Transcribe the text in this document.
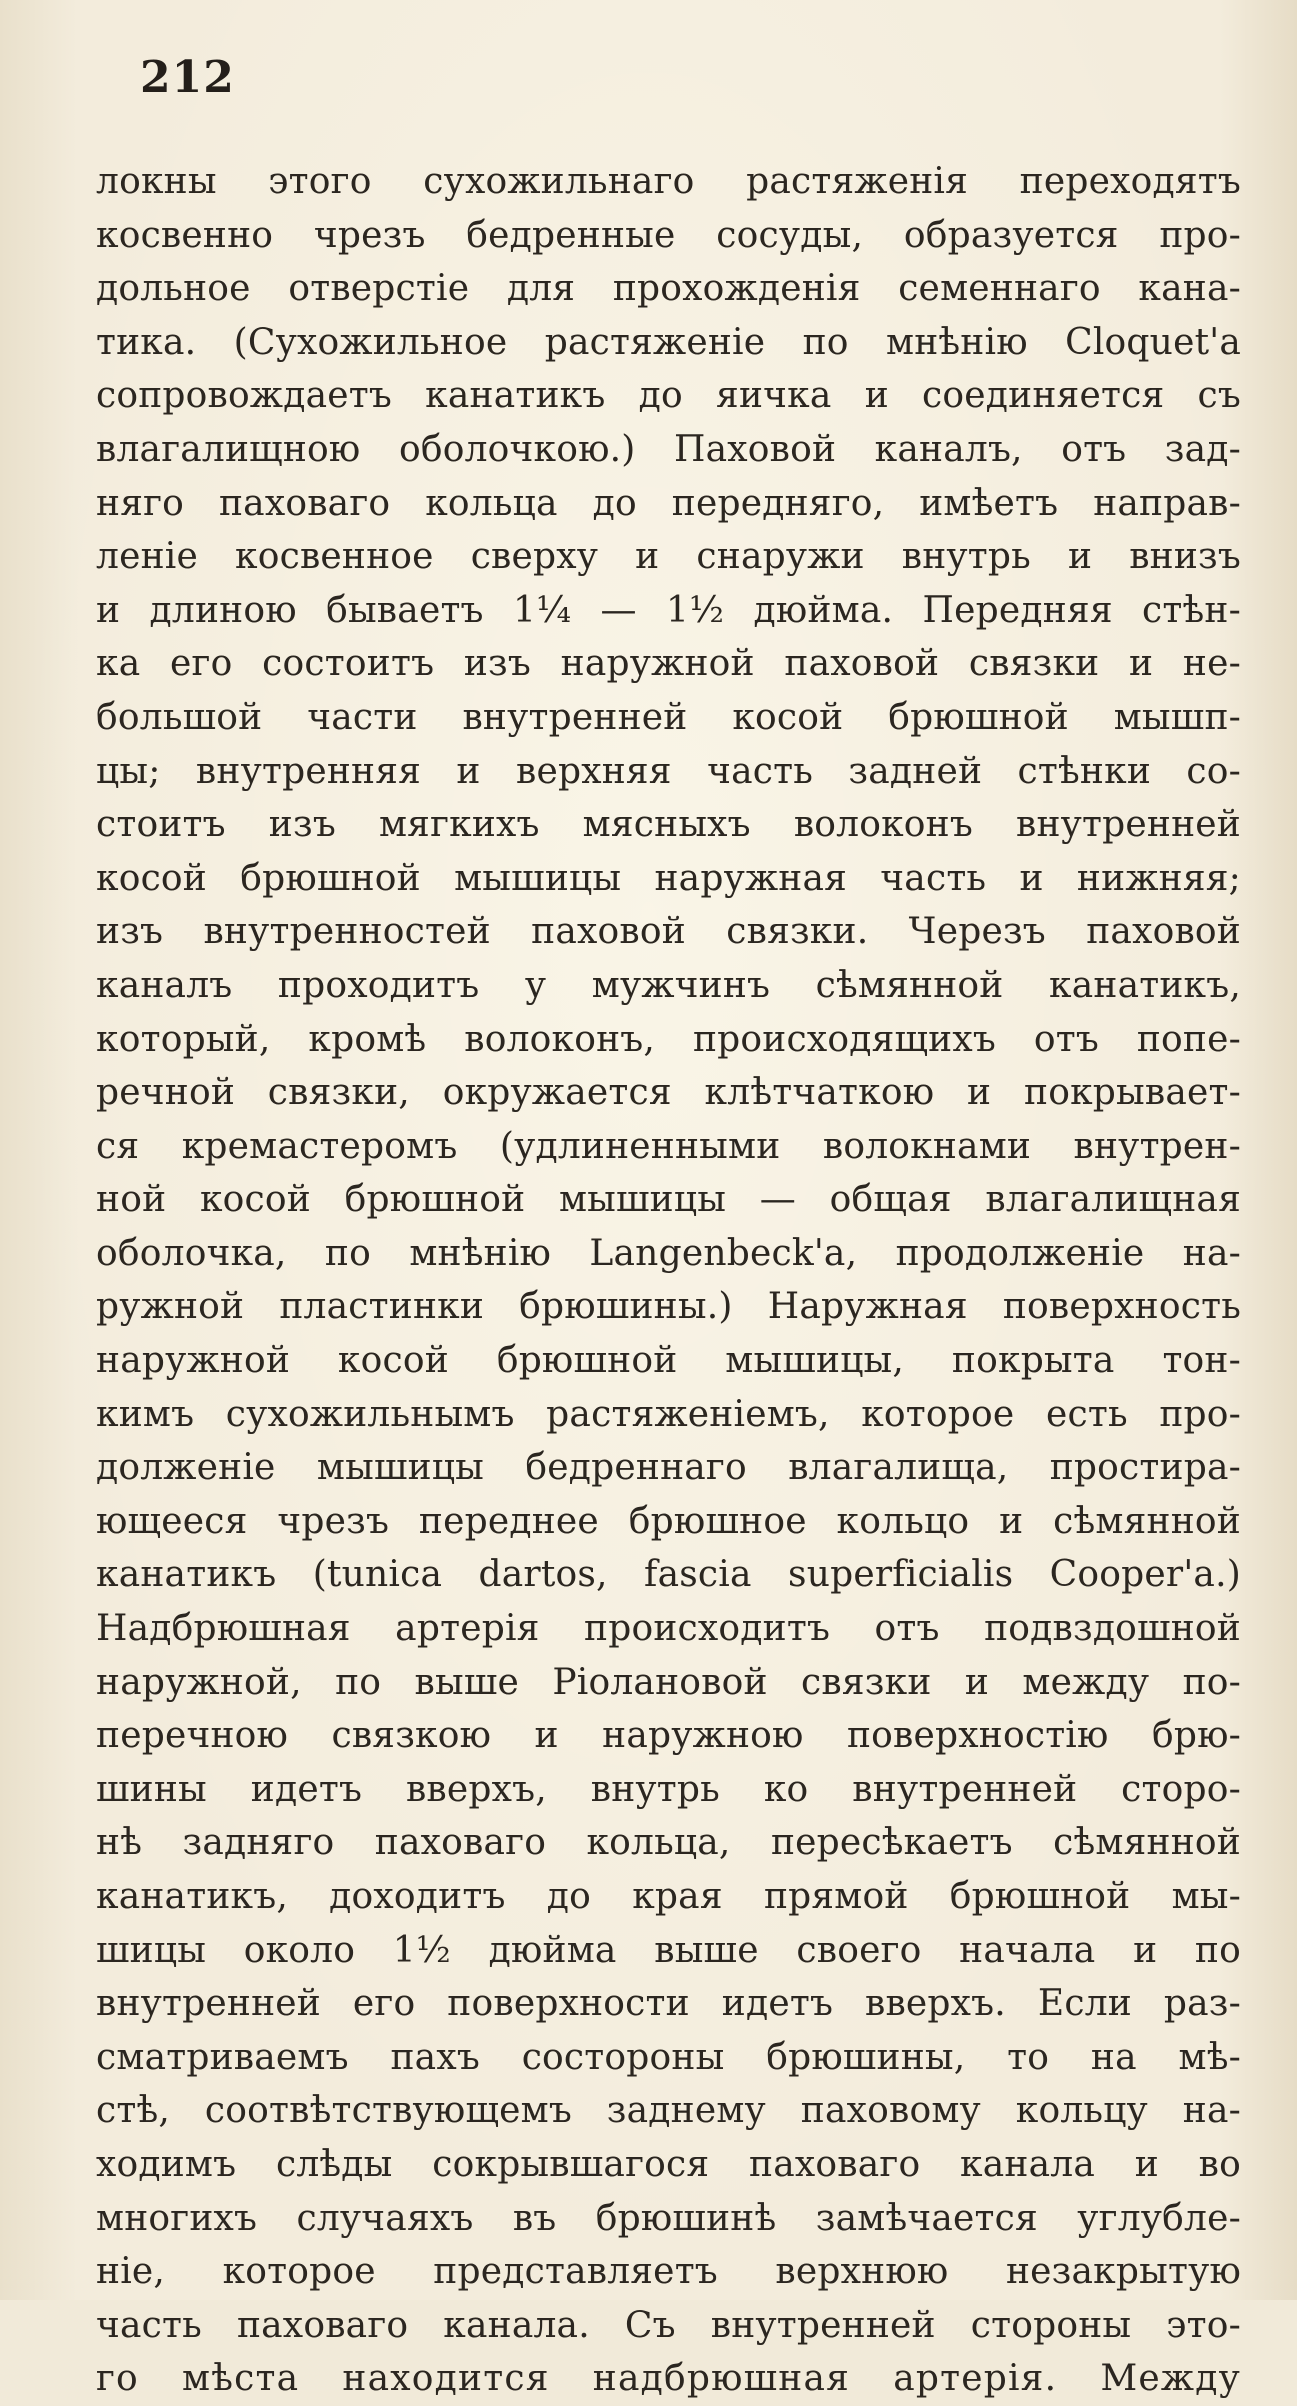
212
локны этого сухожильнаго растяженія переходятъ
косвенно чрезъ бедренные сосуды, образуется про-
дольное отверстіе для прохожденія семеннаго кана-
тика. (Сухожильное растяженіе по мнѣнію Cloquet'а
сопровождаетъ канатикъ до яичка и соединяется съ
влагалищною оболочкою.) Паховой каналъ, отъ зад-
няго паховаго кольца до передняго, имѣетъ направ-
леніе косвенное сверху и снаружи внутрь и внизъ
и длиною бываетъ 1¼ — 1½ дюйма. Передняя стѣн-
ка его состоитъ изъ наружной паховой связки и не-
большой части внутренней косой брюшной мышп-
цы; внутренняя и верхняя часть задней стѣнки со-
стоитъ изъ мягкихъ мясныхъ волоконъ внутренней
косой брюшной мышицы наружная часть и нижняя;
изъ внутренностей паховой связки. Черезъ паховой
каналъ проходитъ у мужчинъ сѣмянной канатикъ,
который, кромѣ волоконъ, происходящихъ отъ попе-
речной связки, окружается клѣтчаткою и покрывает-
ся кремастеромъ (удлиненными волокнами внутрен-
ной косой брюшной мышицы — общая влагалищная
оболочка, по мнѣнію Langenbeck'а, продолженіе на-
ружной пластинки брюшины.) Наружная поверхность
наружной косой брюшной мышицы, покрыта тон-
кимъ сухожильнымъ растяженіемъ, которое есть про-
долженіе мышицы бедреннаго влагалища, простира-
ющееся чрезъ переднее брюшное кольцо и сѣмянной
канатикъ (tunica dartos, fascia superficialis Cooper'а.)
Надбрюшная артерія происходитъ отъ подвздошной
наружной, по выше Pіолановой связки и между по-
перечною связкою и наружною поверхностію брю-
шины идетъ вверхъ, внутрь ко внутренней сторо-
нѣ задняго паховаго кольца, пересѣкаетъ сѣмянной
канатикъ, доходитъ до края прямой брюшной мы-
шицы около 1½ дюйма выше своего начала и по
внутренней его поверхности идетъ вверхъ. Если раз-
сматриваемъ пахъ состороны брюшины, то на мѣ-
стѣ, соотвѣтствующемъ заднему паховому кольцу на-
ходимъ слѣды сокрывшагося паховаго канала и во
многихъ случаяхъ въ брюшинѣ замѣчается углубле-
ніе, которое представляетъ верхнюю незакрытую
часть паховаго канала. Съ внутренней стороны это-
го мѣста находится надбрюшная артерія. Между
